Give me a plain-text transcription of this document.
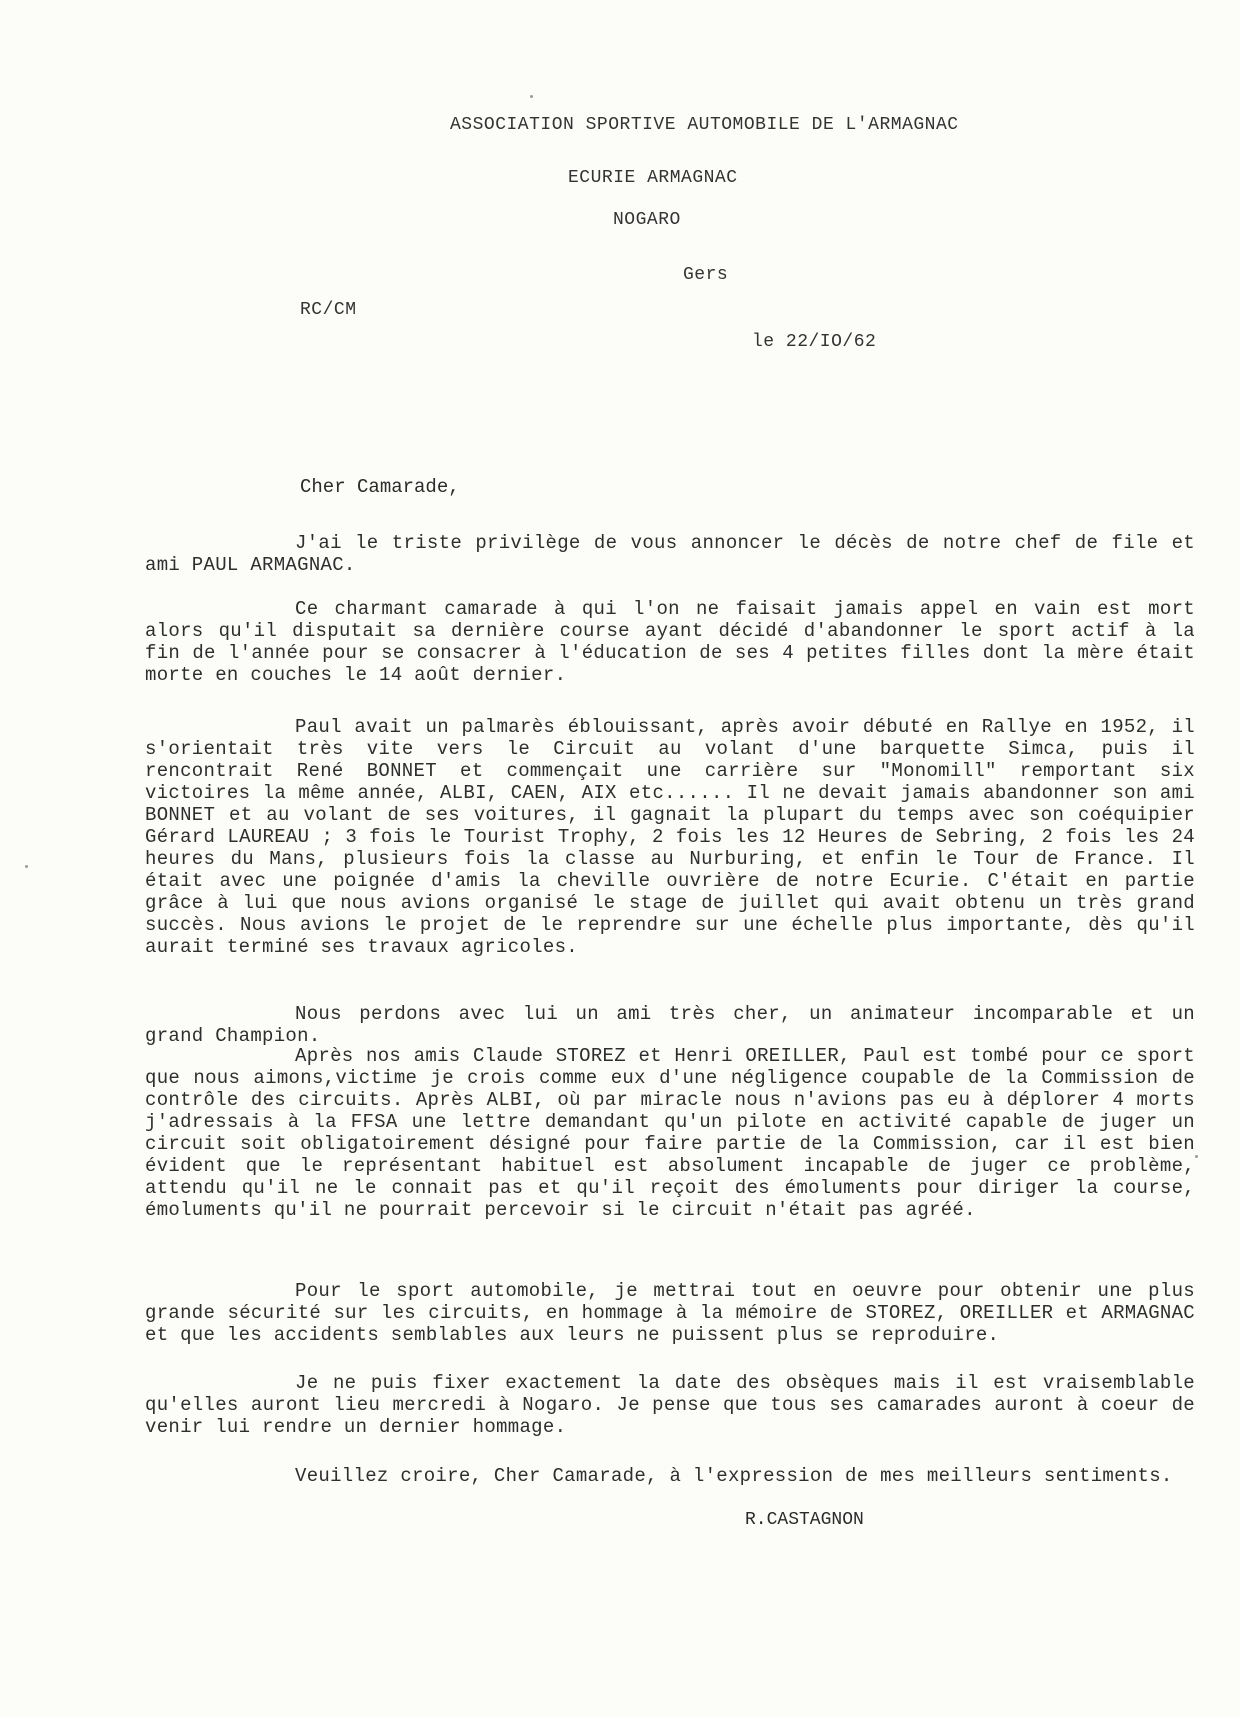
ASSOCIATION SPORTIVE AUTOMOBILE DE L'ARMAGNAC
ECURIE ARMAGNAC
NOGARO
Gers
RC/CM
le 22/IO/62
Cher Camarade,
J'ai le triste privilège de vous annoncer le décès de notre chef de file et ami PAUL ARMAGNAC.
Ce charmant camarade à qui l'on ne faisait jamais appel en vain est mort alors qu'il disputait sa dernière course ayant décidé d'abandonner le sport actif à la fin de l'année pour se consacrer à l'éducation de ses 4 petites filles dont la mère était morte en couches le 14 août dernier.
Paul avait un palmarès éblouissant, après avoir débuté en Rallye en 1952, il s'orientait très vite vers le Circuit au volant d'une barquette Simca, puis il rencontrait René BONNET et commençait une carrière sur "Monomill" remportant six victoires la même année, ALBI, CAEN, AIX etc...... Il ne devait jamais abandonner son ami BONNET et au volant de ses voitures, il gagnait la plupart du temps avec son coéquipier Gérard LAUREAU ; 3 fois le Tourist Trophy, 2 fois les 12 Heures de Sebring, 2 fois les 24 heures du Mans, plusieurs fois la classe au Nurburing, et enfin le Tour de France. Il était avec une poignée d'amis la cheville ouvrière de notre Ecurie. C'était en partie grâce à lui que nous avions organisé le stage de juillet qui avait obtenu un très grand succès. Nous avions le projet de le reprendre sur une échelle plus importante, dès qu'il aurait terminé ses travaux agricoles.
Nous perdons avec lui un ami très cher, un animateur incomparable et un grand Champion.
Après nos amis Claude STOREZ et Henri OREILLER, Paul est tombé pour ce sport que nous aimons,victime je crois comme eux d'une négligence coupable de la Commission de contrôle des circuits. Après ALBI, où par miracle nous n'avions pas eu à déplorer 4 morts j'adressais à la FFSA une lettre demandant qu'un pilote en activité capable de juger un circuit soit obligatoirement désigné pour faire partie de la Commission, car il est bien évident que le représentant habituel est absolument incapable de juger ce problème, attendu qu'il ne le connait pas et qu'il reçoit des émoluments pour diriger la course, émoluments qu'il ne pourrait percevoir si le circuit n'était pas agréé.
Pour le sport automobile, je mettrai tout en oeuvre pour obtenir une plus grande sécurité sur les circuits, en hommage à la mémoire de STOREZ, OREILLER et ARMAGNAC et que les accidents semblables aux leurs ne puissent plus se reproduire.
Je ne puis fixer exactement la date des obsèques mais il est vraisemblable qu'elles auront lieu mercredi à Nogaro. Je pense que tous ses camarades auront à coeur de venir lui rendre un dernier hommage.
Veuillez croire, Cher Camarade, à l'expression de mes meilleurs sentiments.
R.CASTAGNON
